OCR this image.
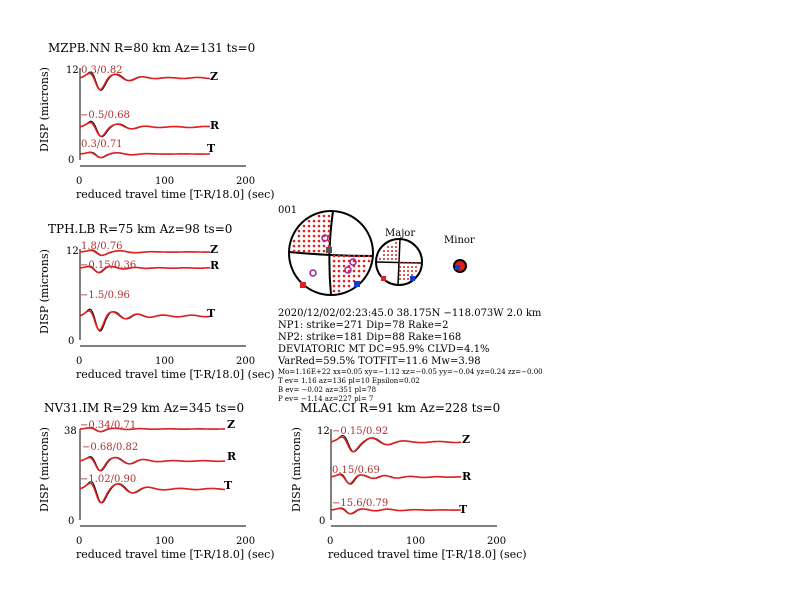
MZPB.NN R=80 km Az=131 ts=0
12
0
0	100	200
reduced travel time [T-R/18.0] (sec)
DISP (microns)	0.3/0.82
−0.5/0.68
0.3/0.71
Z
R
T
TPH.LB R=75 km Az=98 ts=0
12
0
0	100	200
reduced travel time [T-R/18.0] (sec)
DISP (microns)
1.8/0.76
−0.15/0.36
−1.5/0.96
Z
R
T
NV31.IM R=29 km Az=345 ts=0
38
0
0	100	200
reduced travel time [T-R/18.0] (sec)
DISP (microns)
−0.34/0.71
−0.68/0.82
−1.02/0.90
Z
R
T
MLAC.CI R=91 km Az=228 ts=0
12
0
0	100	200
reduced travel time [T-R/18.0] (sec)
DISP (microns)	−0.15/0.92
0.15/0.69
−15.6/0.79
Z
R
T
001
Major
Minor
2020/12/02/02:23:45.0 38.175N −118.073W 2.0 km
NP1: strike=271 Dip=78 Rake=2
NP2: strike=181 Dip=88 Rake=168
DEVIATORIC MT DC=95.9% CLVD=4.1%
VarRed=59.5% TOTFIT=11.6 Mw=3.98
Mo=1.16E+22 xx=0.05 xy=−1.12 xz=−0.05 yy=−0.04 yz=0.24 zz=−0.00
T ev= 1.16 az=136 pl=10 Epsilon=0.02
B ev= −0.02 az=351 pl=78
P ev= −1.14 az=227 pl= 7
